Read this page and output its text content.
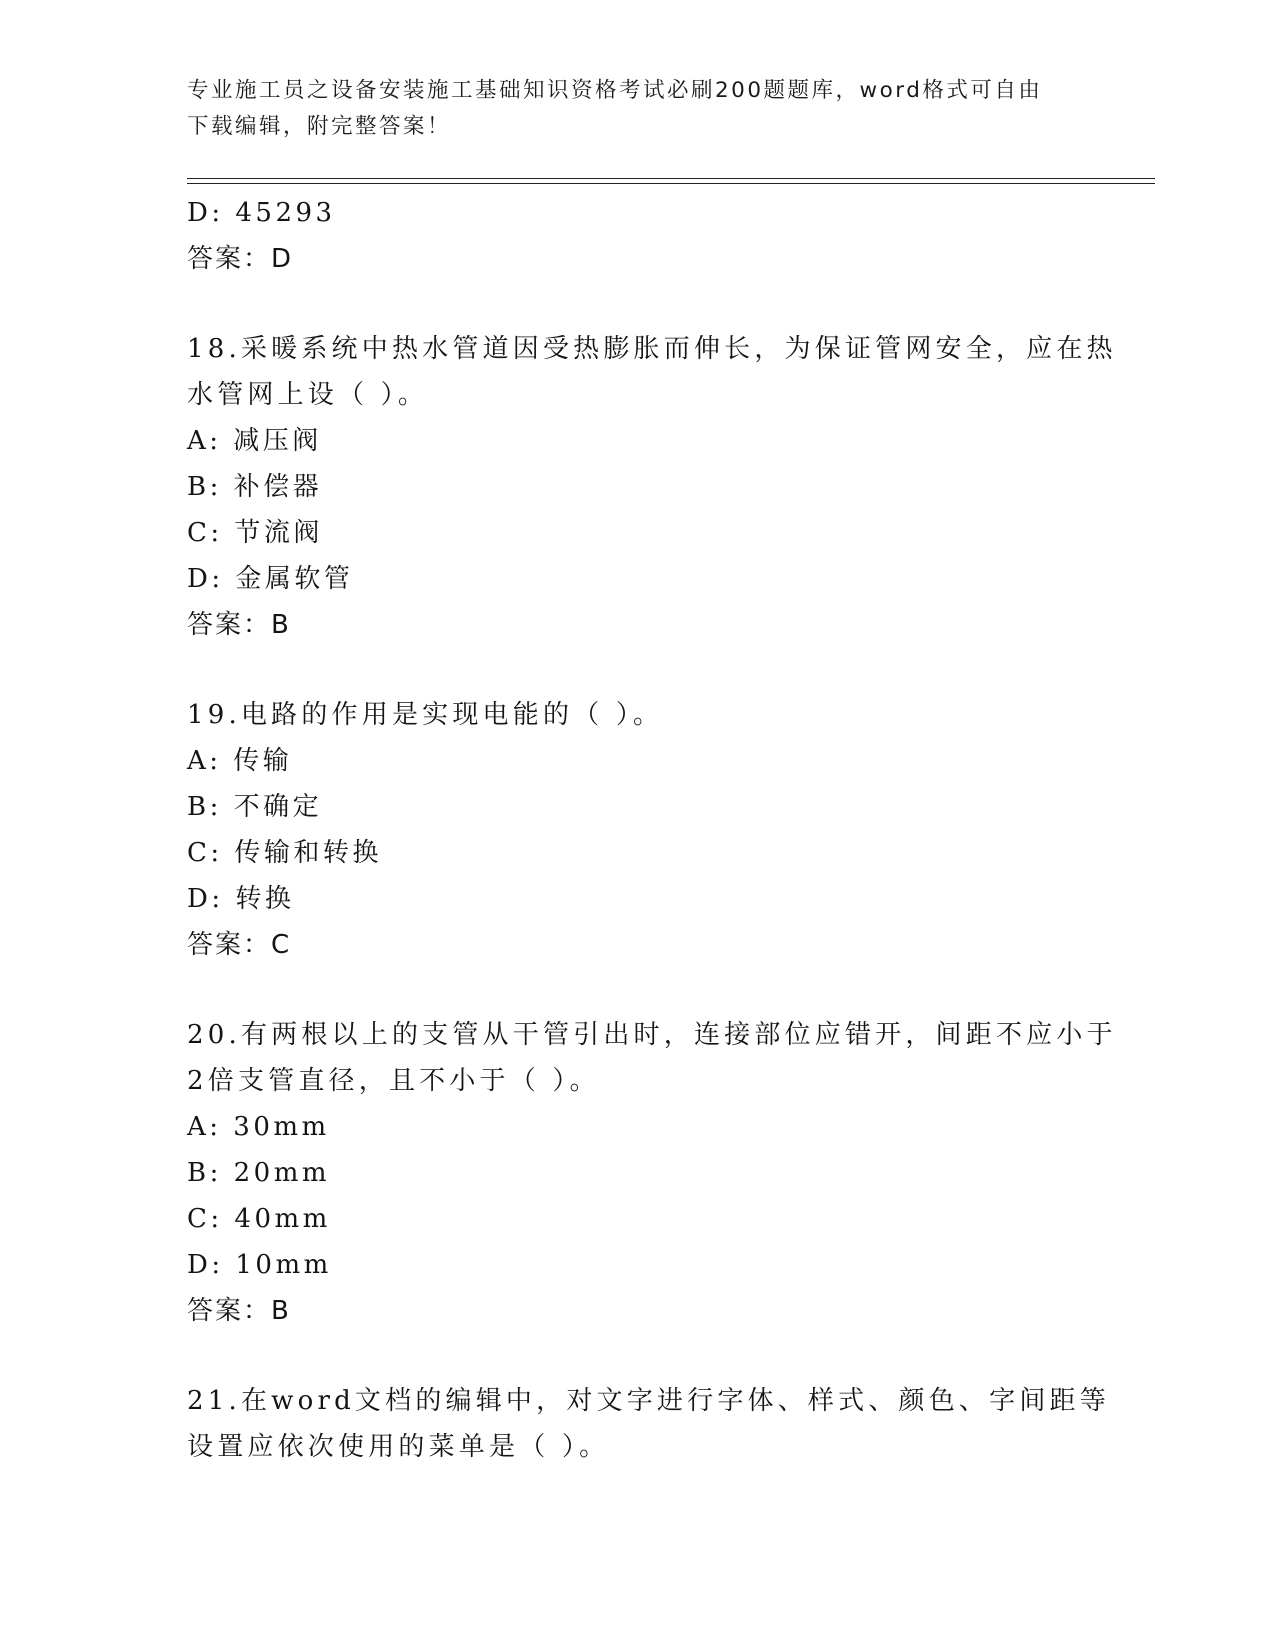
专业施工员之设备安装施工基础知识资格考试必刷200题题库，word格式可自由
下载编辑，附完整答案！
D: 45293
答案：D
18.采暖系统中热水管道因受热膨胀而伸长，为保证管网安全，应在热
水管网上设（ ）。
A: 减压阀
B: 补偿器
C: 节流阀
D: 金属软管
答案：B
19.电路的作用是实现电能的（ ）。
A: 传输
B: 不确定
C: 传输和转换
D: 转换
答案：C
20.有两根以上的支管从干管引出时，连接部位应错开，间距不应小于
2倍支管直径，且不小于（ ）。
A: 30mm
B: 20mm
C: 40mm
D: 10mm
答案：B
21.在word文档的编辑中，对文字进行字体、样式、颜色、字间距等
设置应依次使用的菜单是（ ）。
